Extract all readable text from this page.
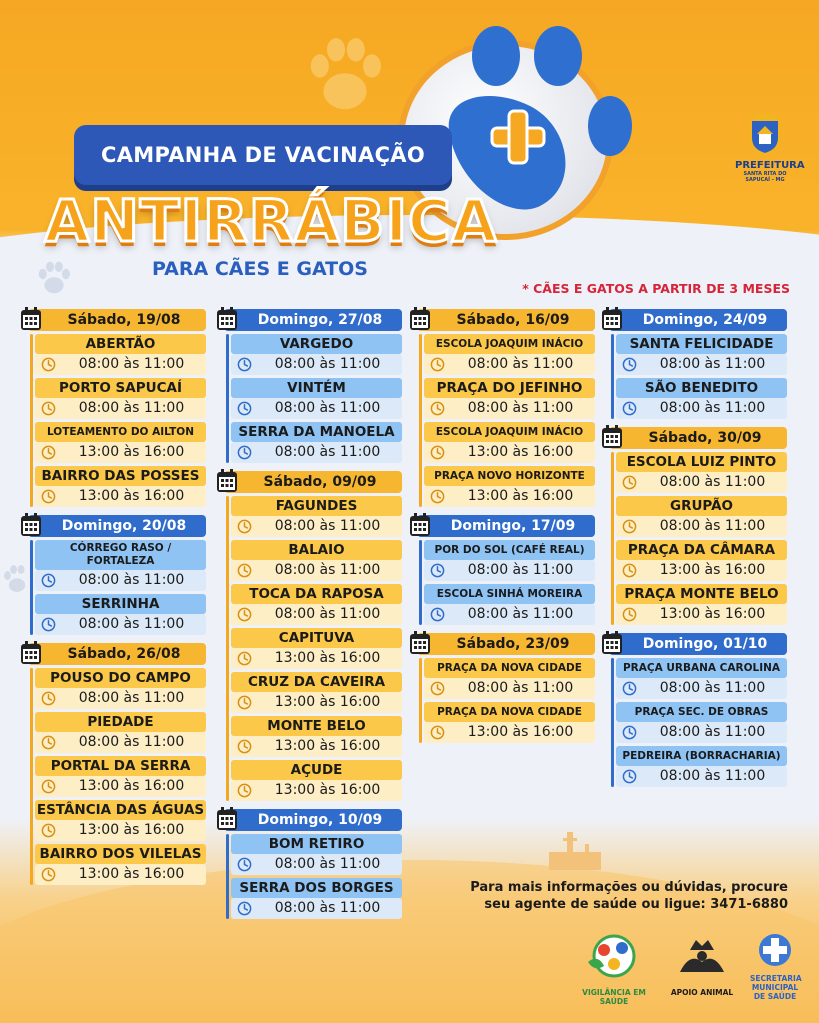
CAMPANHA DE VACINAÇÃO
ANTIRRÁBICA
PARA CÃES E GATOS
* CÃES E GATOS A PARTIR DE 3 MESES
PREFEITURA
SANTA RITA DO SAPUCAÍ - MG
Sábado, 19/08
ABERTÃO
08:00 às 11:00
PORTO SAPUCAÍ
08:00 às 11:00
LOTEAMENTO DO AILTON
13:00 às 16:00
BAIRRO DAS POSSES
13:00 às 16:00
Domingo, 20/08
CÓRREGO RASO / FORTALEZA
08:00 às 11:00
SERRINHA
08:00 às 11:00
Sábado, 26/08
POUSO DO CAMPO
08:00 às 11:00
PIEDADE
08:00 às 11:00
PORTAL DA SERRA
13:00 às 16:00
ESTÂNCIA DAS ÁGUAS
13:00 às 16:00
BAIRRO DOS VILELAS
13:00 às 16:00
Domingo, 27/08
VARGEDO
08:00 às 11:00
VINTÉM
08:00 às 11:00
SERRA DA MANOELA
08:00 às 11:00
Sábado, 09/09
FAGUNDES
08:00 às 11:00
BALAIO
08:00 às 11:00
TOCA DA RAPOSA
08:00 às 11:00
CAPITUVA
13:00 às 16:00
CRUZ DA CAVEIRA
13:00 às 16:00
MONTE BELO
13:00 às 16:00
AÇUDE
13:00 às 16:00
Domingo, 10/09
BOM RETIRO
08:00 às 11:00
SERRA DOS BORGES
08:00 às 11:00
Sábado, 16/09
ESCOLA JOAQUIM INÁCIO
08:00 às 11:00
PRAÇA DO JEFINHO
08:00 às 11:00
ESCOLA JOAQUIM INÁCIO
13:00 às 16:00
PRAÇA NOVO HORIZONTE
13:00 às 16:00
Domingo, 17/09
POR DO SOL (CAFÉ REAL)
08:00 às 11:00
ESCOLA SINHÁ MOREIRA
08:00 às 11:00
Sábado, 23/09
PRAÇA DA NOVA CIDADE
08:00 às 11:00
PRAÇA DA NOVA CIDADE
13:00 às 16:00
Domingo, 24/09
SANTA FELICIDADE
08:00 às 11:00
SÃO BENEDITO
08:00 às 11:00
Sábado, 30/09
ESCOLA LUIZ PINTO
08:00 às 11:00
GRUPÃO
08:00 às 11:00
PRAÇA DA CÂMARA
13:00 às 16:00
PRAÇA MONTE BELO
13:00 às 16:00
Domingo, 01/10
PRAÇA URBANA CAROLINA
08:00 às 11:00
PRAÇA SEC. DE OBRAS
08:00 às 11:00
PEDREIRA (BORRACHARIA)
08:00 às 11:00
Para mais informações ou dúvidas, procure
seu agente de saúde ou ligue: 3471-6880
VIGILÂNCIA EM SAÚDE
APOIO ANIMAL
SECRETARIA
MUNICIPAL
DE SAÚDE
